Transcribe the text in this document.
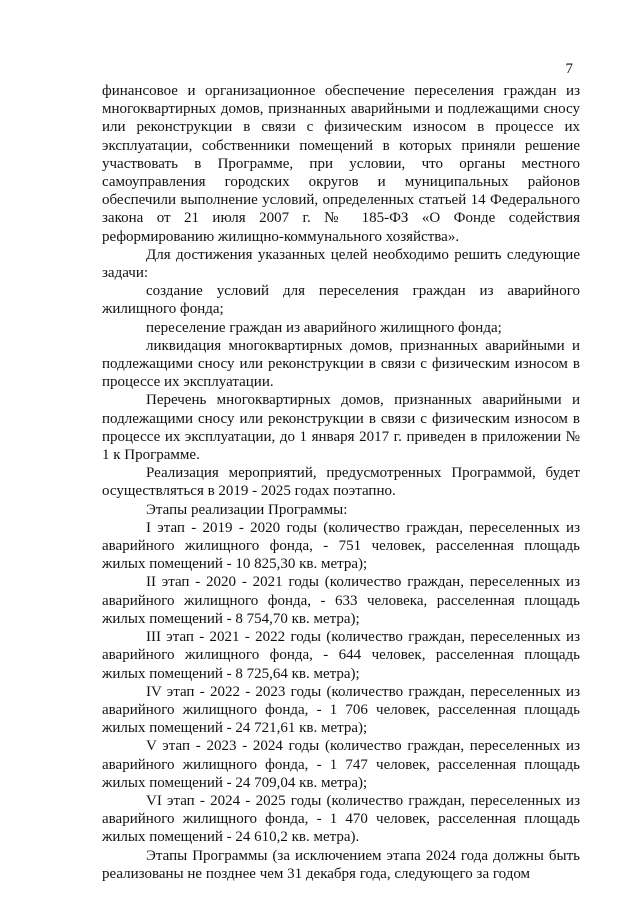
7

финансовое и организационное обеспечение переселения граждан из многоквартирных домов, признанных аварийными и подлежащими сносу или реконструкции в связи с физическим износом в процессе их эксплуатации, собственники помещений в которых приняли решение участвовать в Программе, при условии, что органы местного самоуправления городских округов и муниципальных районов обеспечили выполнение условий, определенных статьей 14 Федерального закона от 21 июля 2007 г. № 185-ФЗ «О Фонде содействия реформированию жилищно-коммунального хозяйства».

Для достижения указанных целей необходимо решить следующие задачи:

создание условий для переселения граждан из аварийного жилищного фонда;

переселение граждан из аварийного жилищного фонда;

ликвидация многоквартирных домов, признанных аварийными и подлежащими сносу или реконструкции в связи с физическим износом в процессе их эксплуатации.

Перечень многоквартирных домов, признанных аварийными и подлежащими сносу или реконструкции в связи с физическим износом в процессе их эксплуатации, до 1 января 2017 г. приведен в приложении № 1 к Программе.

Реализация мероприятий, предусмотренных Программой, будет осуществляться в 2019 - 2025 годах поэтапно.

Этапы реализации Программы:

I этап - 2019 - 2020 годы (количество граждан, переселенных из аварийного жилищного фонда, - 751 человек, расселенная площадь жилых помещений - 10 825,30 кв. метра);

II этап - 2020 - 2021 годы (количество граждан, переселенных из аварийного жилищного фонда, - 633 человека, расселенная площадь жилых помещений - 8 754,70 кв. метра);

III этап - 2021 - 2022 годы (количество граждан, переселенных из аварийного жилищного фонда, - 644 человек, расселенная площадь жилых помещений - 8 725,64 кв. метра);

IV этап - 2022 - 2023 годы (количество граждан, переселенных из аварийного жилищного фонда, - 1 706 человек, расселенная площадь жилых помещений - 24 721,61 кв. метра);

V этап - 2023 - 2024 годы (количество граждан, переселенных из аварийного жилищного фонда, - 1 747 человек, расселенная площадь жилых помещений - 24 709,04 кв. метра);

VI этап - 2024 - 2025 годы (количество граждан, переселенных из аварийного жилищного фонда, - 1 470 человек, расселенная площадь жилых помещений - 24 610,2 кв. метра).

Этапы Программы (за исключением этапа 2024 года должны быть реализованы не позднее чем 31 декабря года, следующего за годом
